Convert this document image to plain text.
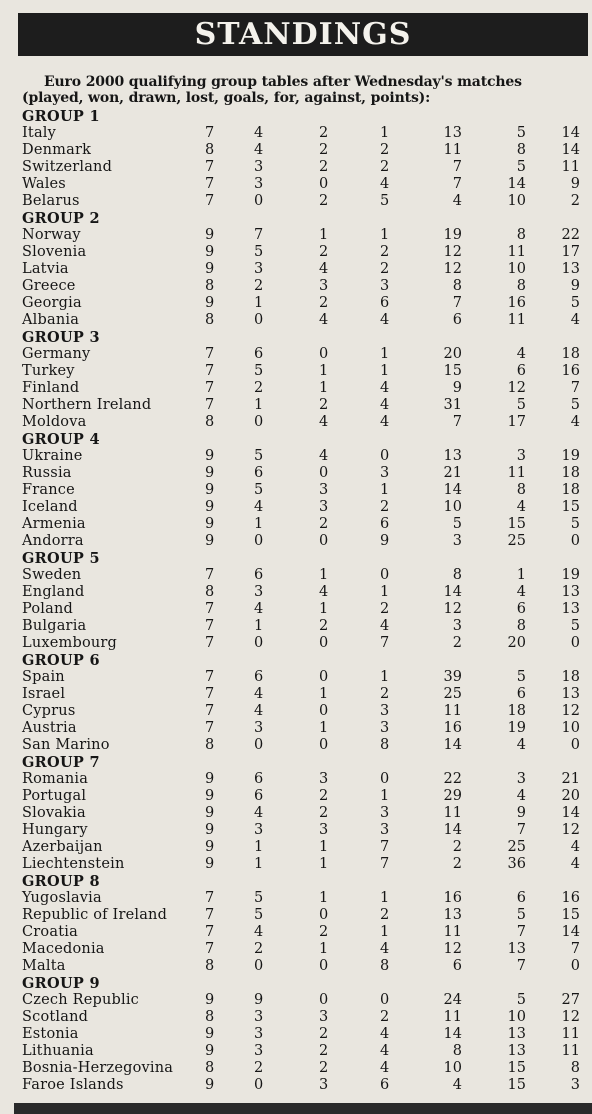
STANDINGS
Euro 2000 qualifying group tables after Wednesday's matches
(played, won, drawn, lost, goals, for, against, points):
GROUP 1
Italy	7	4	2	1	13	5	14
Denmark	8	4	2	2	11	8	14
Switzerland	7	3	2	2	7	5	11
Wales	7	3	0	4	7	14	9
Belarus	7	0	2	5	4	10	2
GROUP 2
Norway	9	7	1	1	19	8	22
Slovenia	9	5	2	2	12	11	17
Latvia	9	3	4	2	12	10	13
Greece	8	2	3	3	8	8	9
Georgia	9	1	2	6	7	16	5
Albania	8	0	4	4	6	11	4
GROUP 3
Germany	7	6	0	1	20	4	18
Turkey	7	5	1	1	15	6	16
Finland	7	2	1	4	9	12	7
Northern Ireland	7	1	2	4	31	5	5
Moldova	8	0	4	4	7	17	4
GROUP 4
Ukraine	9	5	4	0	13	3	19
Russia	9	6	0	3	21	11	18
France	9	5	3	1	14	8	18
Iceland	9	4	3	2	10	4	15
Armenia	9	1	2	6	5	15	5
Andorra	9	0	0	9	3	25	0
GROUP 5
Sweden	7	6	1	0	8	1	19
England	8	3	4	1	14	4	13
Poland	7	4	1	2	12	6	13
Bulgaria	7	1	2	4	3	8	5
Luxembourg	7	0	0	7	2	20	0
GROUP 6
Spain	7	6	0	1	39	5	18
Israel	7	4	1	2	25	6	13
Cyprus	7	4	0	3	11	18	12
Austria	7	3	1	3	16	19	10
San Marino	8	0	0	8	14	4	0
GROUP 7
Romania	9	6	3	0	22	3	21
Portugal	9	6	2	1	29	4	20
Slovakia	9	4	2	3	11	9	14
Hungary	9	3	3	3	14	7	12
Azerbaijan	9	1	1	7	2	25	4
Liechtenstein	9	1	1	7	2	36	4
GROUP 8
Yugoslavia	7	5	1	1	16	6	16
Republic of Ireland	7	5	0	2	13	5	15
Croatia	7	4	2	1	11	7	14
Macedonia	7	2	1	4	12	13	7
Malta	8	0	0	8	6	7	0
GROUP 9
Czech Republic	9	9	0	0	24	5	27
Scotland	8	3	3	2	11	10	12
Estonia	9	3	2	4	14	13	11
Lithuania	9	3	2	4	8	13	11
Bosnia-Herzegovina 8	2	2	4	10	15	8
Faroe Islands	9	0	3	6	4	15	3
